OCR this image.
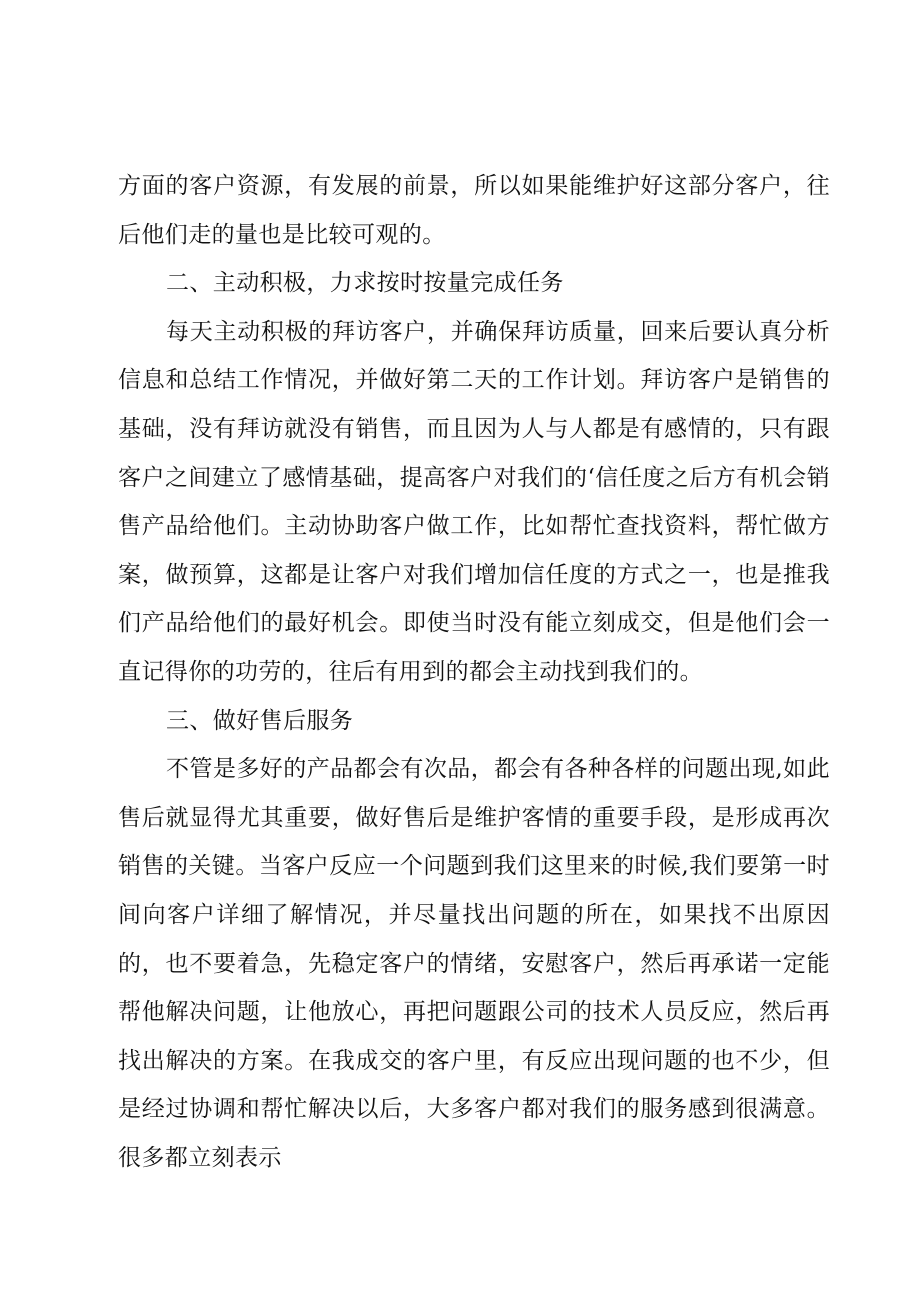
方面的客户资源，有发展的前景，所以如果能维护好这部分客户，往后他们走的量也是比较可观的。

二、主动积极，力求按时按量完成任务

每天主动积极的拜访客户，并确保拜访质量，回来后要认真分析信息和总结工作情况，并做好第二天的工作计划。拜访客户是销售的基础，没有拜访就没有销售，而且因为人与人都是有感情的，只有跟客户之间建立了感情基础，提高客户对我们的‘信任度之后方有机会销售产品给他们。主动协助客户做工作，比如帮忙查找资料，帮忙做方案，做预算，这都是让客户对我们增加信任度的方式之一，也是推我们产品给他们的最好机会。即使当时没有能立刻成交，但是他们会一直记得你的功劳的，往后有用到的都会主动找到我们的。

三、做好售后服务

不管是多好的产品都会有次品，都会有各种各样的问题出现,如此售后就显得尤其重要，做好售后是维护客情的重要手段，是形成再次销售的关键。当客户反应一个问题到我们这里来的时候,我们要第一时间向客户详细了解情况，并尽量找出问题的所在，如果找不出原因的，也不要着急，先稳定客户的情绪，安慰客户，然后再承诺一定能帮他解决问题，让他放心，再把问题跟公司的技术人员反应，然后再找出解决的方案。在我成交的客户里，有反应出现问题的也不少，但是经过协调和帮忙解决以后，大多客户都对我们的服务感到很满意。很多都立刻表示
